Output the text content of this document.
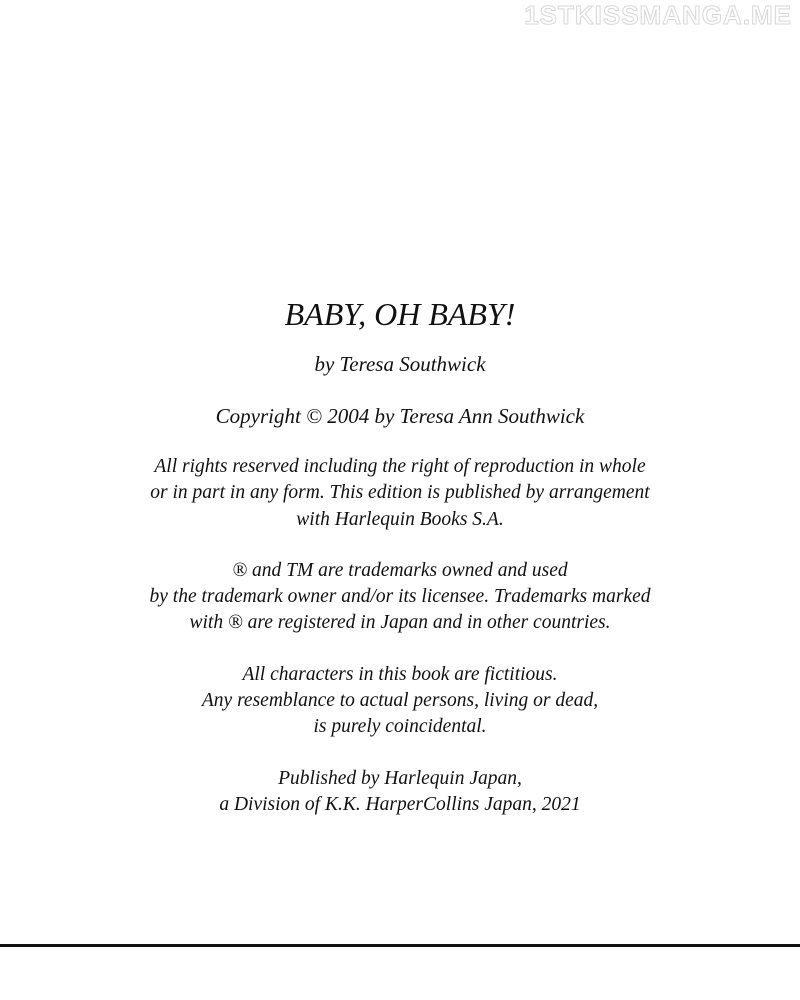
1STKISSMANGA.ME
BABY, OH BABY!

by Teresa Southwick

Copyright © 2004 by Teresa Ann Southwick

All rights reserved including the right of reproduction in whole
or in part in any form. This edition is published by arrangement
with Harlequin Books S.A.

® and TM are trademarks owned and used
by the trademark owner and/or its licensee. Trademarks marked
with ® are registered in Japan and in other countries.

All characters in this book are fictitious.
Any resemblance to actual persons, living or dead,
is purely coincidental.

Published by Harlequin Japan,
a Division of K.K. HarperCollins Japan, 2021
